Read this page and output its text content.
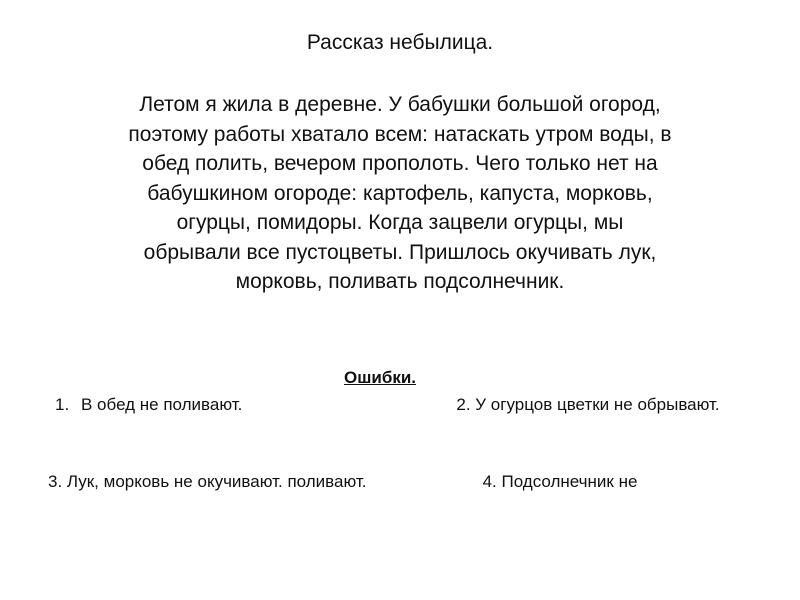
Рассказ небылица.
Летом я жила в деревне. У бабушки большой огород,
поэтому работы хватало всем: натаскать утром воды, в
обед полить, вечером прополоть. Чего только нет на
бабушкином огороде: картофель, капуста, морковь,
огурцы, помидоры. Когда зацвели огурцы, мы
обрывали все пустоцветы. Пришлось окучивать лук,
морковь, поливать подсолнечник.
Ошибки.
1. В обед не поливают.	2. У огурцов цветки не обрывают.
3. Лук, морковь не окучивают. поливают.	4. Подсолнечник не
